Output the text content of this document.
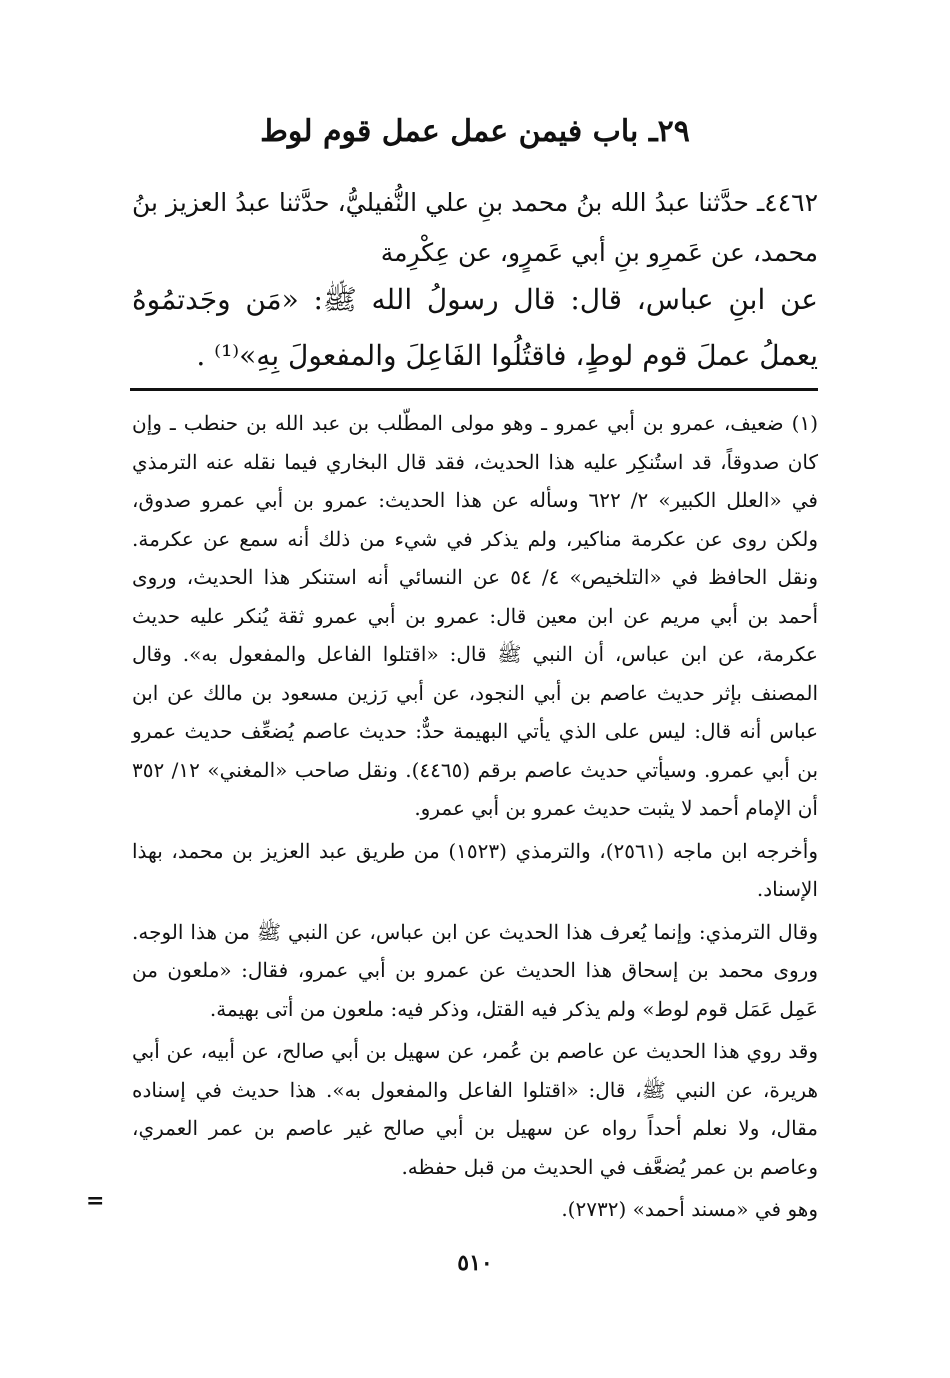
٢٩ـ باب فيمن عمل عمل قوم لوط

٤٤٦٢ـ حدَّثنا عبدُ الله بنُ محمد بنِ علي النُّفيليُّ، حدَّثنا عبدُ العزيز بنُ محمد، عن عَمرِو بنِ أبي عَمرٍو، عن عِكْرِمة

عن ابنِ عباس، قال: قال رسولُ الله ﷺ: «مَن وجَدتمُوهُ يعملُ عملَ قوم لوطٍ، فاقتُلُوا الفَاعِلَ والمفعولَ بِهِ»⁽¹⁾ .

(١) ضعيف، عمرو بن أبي عمرو ـ وهو مولى المطّلب بن عبد الله بن حنطب ـ وإن كان صدوقاً، قد استُنكِر عليه هذا الحديث، فقد قال البخاري فيما نقله عنه الترمذي في «العلل الكبير» ٢/ ٦٢٢ وسأله عن هذا الحديث: عمرو بن أبي عمرو صدوق، ولكن روى عن عكرمة مناكير، ولم يذكر في شيء من ذلك أنه سمع عن عكرمة. ونقل الحافظ في «التلخيص» ٤/ ٥٤ عن النسائي أنه استنكر هذا الحديث، وروى أحمد بن أبي مريم عن ابن معين قال: عمرو بن أبي عمرو ثقة يُنكر عليه حديث عكرمة، عن ابن عباس، أن النبي ﷺ قال: «اقتلوا الفاعل والمفعول به». وقال المصنف بإثر حديث عاصم بن أبي النجود، عن أبي رَزين مسعود بن مالك عن ابن عباس أنه قال: ليس على الذي يأتي البهيمة حدٌّ: حديث عاصم يُضعِّف حديث عمرو بن أبي عمرو. وسيأتي حديث عاصم برقم (٤٤٦٥). ونقل صاحب «المغني» ١٢/ ٣٥٢ أن الإمام أحمد لا يثبت حديث عمرو بن أبي عمرو.

وأخرجه ابن ماجه (٢٥٦١)، والترمذي (١٥٢٣) من طريق عبد العزيز بن محمد، بهذا الإسناد.

وقال الترمذي: وإنما يُعرف هذا الحديث عن ابن عباس، عن النبي ﷺ من هذا الوجه. وروى محمد بن إسحاق هذا الحديث عن عمرو بن أبي عمرو، فقال: «ملعون من عَمِل عَمَل قوم لوط» ولم يذكر فيه القتل، وذكر فيه: ملعون من أتى بهيمة.

وقد روي هذا الحديث عن عاصم بن عُمر، عن سهيل بن أبي صالح، عن أبيه، عن أبي هريرة، عن النبي ﷺ، قال: «اقتلوا الفاعل والمفعول به». هذا حديث في إسناده مقال، ولا نعلم أحداً رواه عن سهيل بن أبي صالح غير عاصم بن عمر العمري، وعاصم بن عمر يُضعَّف في الحديث من قبل حفظه.

وهو في «مسند أحمد» (٢٧٣٢).

=
٥١٠
